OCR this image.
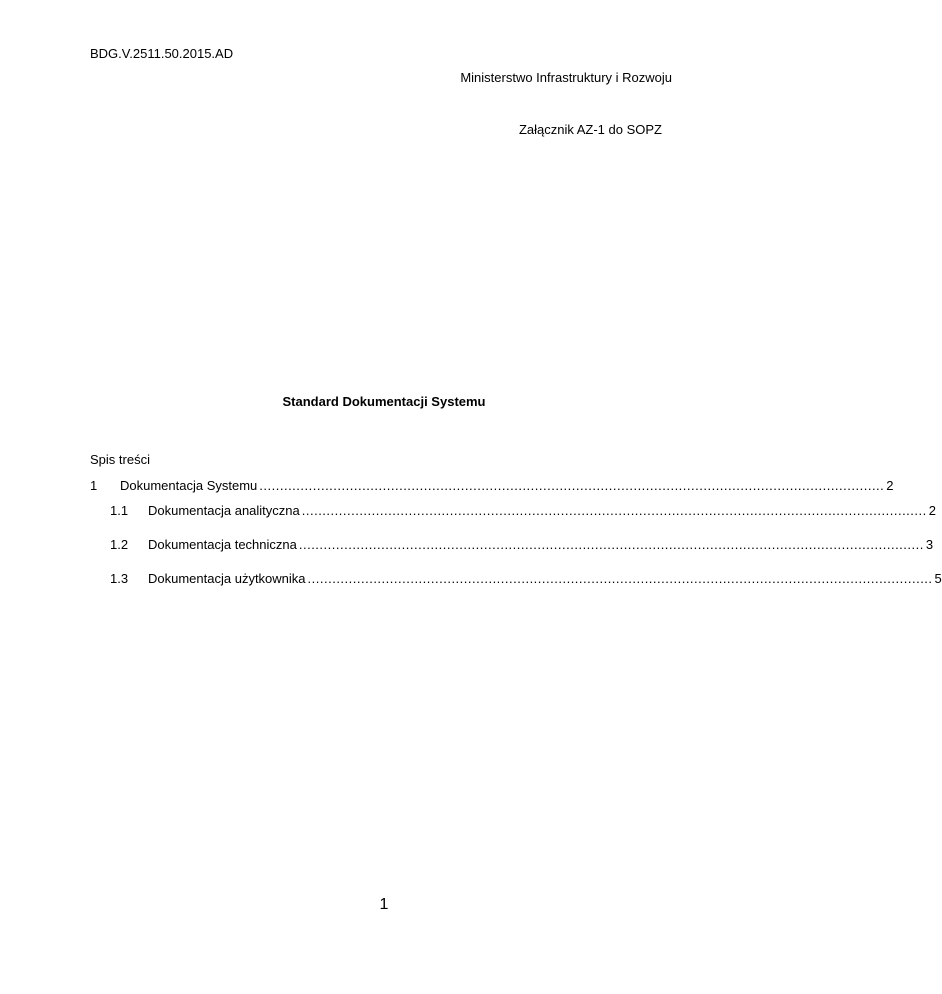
BDG.V.2511.50.2015.AD
Ministerstwo Infrastruktury i Rozwoju
Załącznik AZ-1 do SOPZ
Standard Dokumentacji Systemu
Spis treści
1 Dokumentacja Systemu ........................................................................................................................................................ 2
1.1 Dokumentacja analityczna ........................................................................................................................................................ 2
1.2 Dokumentacja techniczna ........................................................................................................................................................ 3
1.3 Dokumentacja użytkownika ........................................................................................................................................................ 5
1
